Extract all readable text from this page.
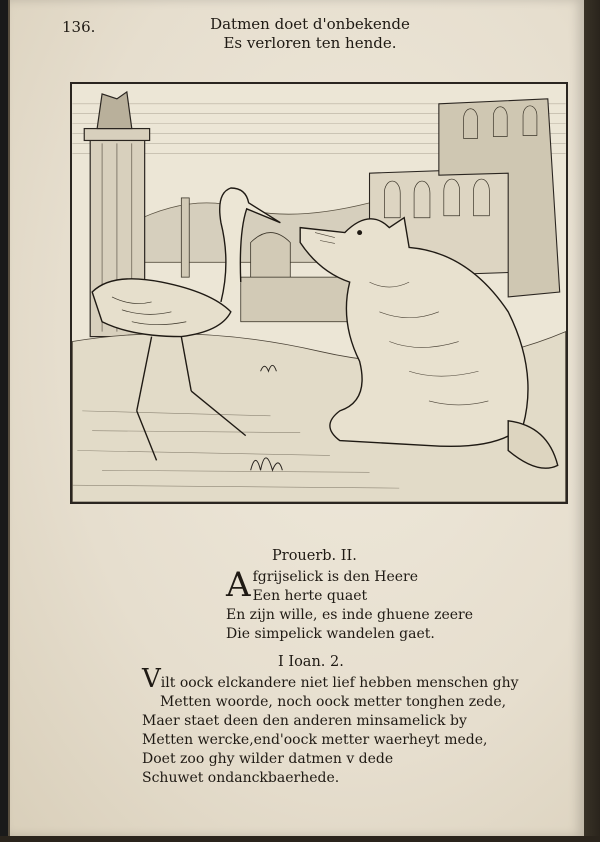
136.	Datmen doet d'onbekende
Es verloren ten hende.
Prouerb. II.
A fgrijselick is den Heere
Een herte quaet
En zijn wille, es inde ghuene zeere
Die simpelick wandelen gaet.
I Ioan. 2.
Vilt oock elckandere niet lief hebben menschen ghy
Metten woorde, noch oock metter tonghen zede,
Maer staet deen den anderen minsamelick by
Metten wercke,end'oock metter waerheyt mede,
Doet zoo ghy wilder datmen v dede
Schuwet ondanckbaerhede.
